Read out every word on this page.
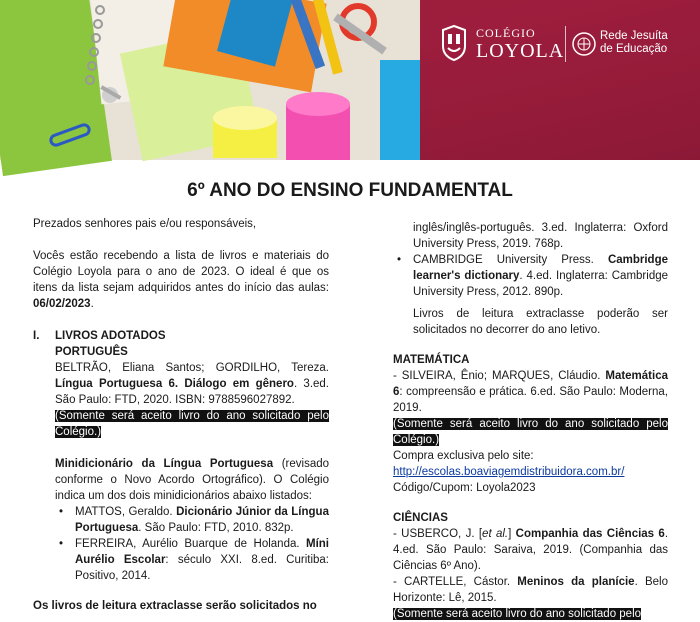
COLÉGIO
LOYOLA
Rede Jesuíta
de Educação
6º ANO DO ENSINO FUNDAMENTAL

Prezados senhores pais e/ou responsáveis,

Vocês estão recebendo a lista de livros e materiais do Colégio Loyola para o ano de 2023. O ideal é que os itens da lista sejam adquiridos antes do início das aulas: 06/02/2023.

I. LIVROS ADOTADOS

PORTUGUÊS

BELTRÃO, Eliana Santos; GORDILHO, Tereza. Língua Portuguesa 6. Diálogo em gênero. 3.ed. São Paulo: FTD, 2020. ISBN: 9788596027892.

(Somente será aceito livro do ano solicitado pelo Colégio.)

Minidicionário da Língua Portuguesa (revisado conforme o Novo Acordo Ortográfico). O Colégio indica um dos dois minidicionários abaixo listados:

• MATTOS, Geraldo. Dicionário Júnior da Língua Portuguesa. São Paulo: FTD, 2010. 832p.
• FERREIRA, Aurélio Buarque de Holanda. Míni Aurélio Escolar: século XXI. 8.ed. Curitiba: Positivo, 2014.

Os livros de leitura extraclasse serão solicitados no

inglês/inglês-português. 3.ed. Inglaterra: Oxford University Press, 2019. 768p.

• CAMBRIDGE University Press. Cambridge learner's dictionary. 4.ed. Inglaterra: Cambridge University Press, 2012. 890p.

Livros de leitura extraclasse poderão ser solicitados no decorrer do ano letivo.

MATEMÁTICA

- SILVEIRA, Ênio; MARQUES, Cláudio. Matemática 6: compreensão e prática. 6.ed. São Paulo: Moderna, 2019.

(Somente será aceito livro do ano solicitado pelo Colégio.)

Compra exclusiva pelo site:

http://escolas.boaviagemdistribuidora.com.br/

Código/Cupom: Loyola2023

CIÊNCIAS

- USBERCO, J. [et al.] Companhia das Ciências 6. 4.ed. São Paulo: Saraiva, 2019. (Companhia das Ciências 6º Ano).

- CARTELLE, Cástor. Meninos da planície. Belo Horizonte: Lê, 2015.

(Somente será aceito livro do ano solicitado pelo
